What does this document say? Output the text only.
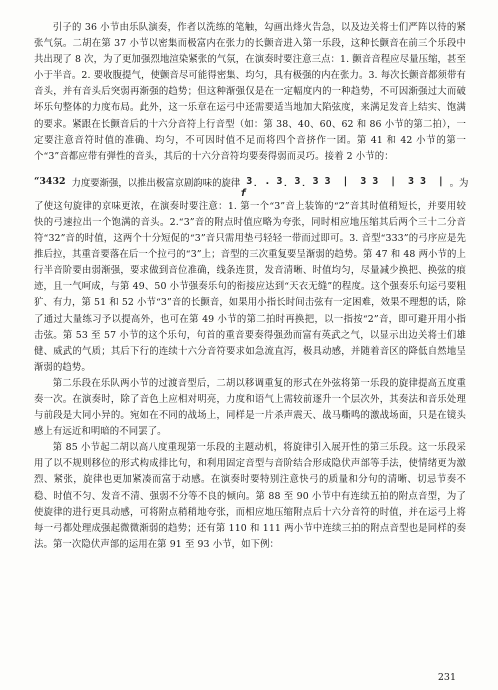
引子的 36 小节由乐队演奏，作者以洗练的笔触，勾画出烽火告急，以及边关将士们严阵以待的紧张气氛。二胡在第 37 小节以密集而极富内在张力的长颤音进入第一乐段，这种长颤音在前三个乐段中共出现了 8 次，为了更加强烈地渲染紧张的气氛，在演奏时要注意三点：1. 颤音音程应尽量压缩，甚至小于半音。2. 要收腹提气，使颤音尽可能得密集、均匀，具有极强的内在张力。3. 每次长颤音都须带有音头，并有音头后突弱再渐强的趋势；但这种渐强仅是在一定幅度内的一种趋势，不可因渐强过大而破坏乐句整体的力度布局。此外，这一乐章在运弓中还需要适当地加大陷弦度，来满足发音上结实、饱满的要求。紧跟在长颤音后的十六分音符上行音型（如：第 38、40、60、62 和 86 小节的第二拍），一定要注意音符时值的准确、均匀，不可因时值不足而将四个音挤作一团。第 41 和 42 小节的第一个“3”音都应带有弹性的音头，其后的十六分音符均要奏得弱而灵巧。接着 2 小节的：

“3432 力度要渐强，以推出极富京剧韵味的旋律 3̣ . 3̣ 3̣ 3 3
f
| 3 3 | 3 3 | 。为

了使这句旋律的京味更浓，在演奏时要注意：1. 第一个“3”音上装饰的“2”音其时值稍短长，并要用较快的弓速拉出一个饱满的音头。2.“3”音的附点时值应略为夸张，同时相应地压缩其后两个三十二分音符“32”音的时值，这两个十分短促的“3”音只需用垫弓轻轻一带而过即可。3. 音型“333”的弓序应是先推后拉，其重音要落在后一个拉弓的“3”上；音型的三次重复要呈渐弱的趋势。第 47 和 48 两小节的上行半音阶要由弱渐强，要求做到音位准确，线条连贯，发音清晰、时值均匀，尽量减少换把、换弦的痕迹，且一气呵成，与第 49、50 小节强奏乐句的衔接应达到“天衣无缝”的程度。这个强奏乐句运弓要粗犷、有力，第 51 和 52 小节“3”音的长颤音，如果用小指长时间击弦有一定困难，效果不理想的话，除了通过大量练习予以提高外，也可在第 49 小节的第二拍时再换把，以一指按“2”音，即可避开用小指击弦。第 53 至 57 小节的这个乐句，句首的重音要奏得强劲而富有英武之气，以显示出边关将士们雄健、威武的气质；其后下行的连续十六分音符要求如急流直泻，极具动感，并随着音区的降低自然地呈渐弱的趋势。

第二乐段在乐队两小节的过渡音型后，二胡以移调重复的形式在外弦将第一乐段的旋律提高五度重奏一次。在演奏时，除了音色上应相对明亮，力度和语气上需较前逐升一个层次外，其奏法和音乐处理与前段是大同小异的。宛如在不同的战场上，同样是一片杀声震天、战马嘶鸣的激战场面，只是在镜头感上有远近和明暗的不同罢了。

第 85 小节起二胡以高八度重现第一乐段的主题动机，将旋律引入展开性的第三乐段。这一乐段采用了以不规则移位的形式构成排比句，和利用固定音型与音阶结合形成隐伏声部等手法，使情绪更为激烈、紧张，旋律也更加紧凑而富于动感。在演奏时要特别注意快弓的质量和分句的清晰、切忌节奏不稳、时值不匀、发音不清、强弱不分等不良的倾向。第 88 至 90 小节中有连续五拍的附点音型，为了使旋律的进行更具动感，可将附点稍稍地夸张，而相应地压缩附点后十六分音符的时值，并在运弓上将每一弓都处理成强起微微渐弱的趋势；还有第 110 和 111 两小节中连续三拍的附点音型也是同样的奏法。第一次隐伏声部的运用在第 91 至 93 小节，如下例：

231
